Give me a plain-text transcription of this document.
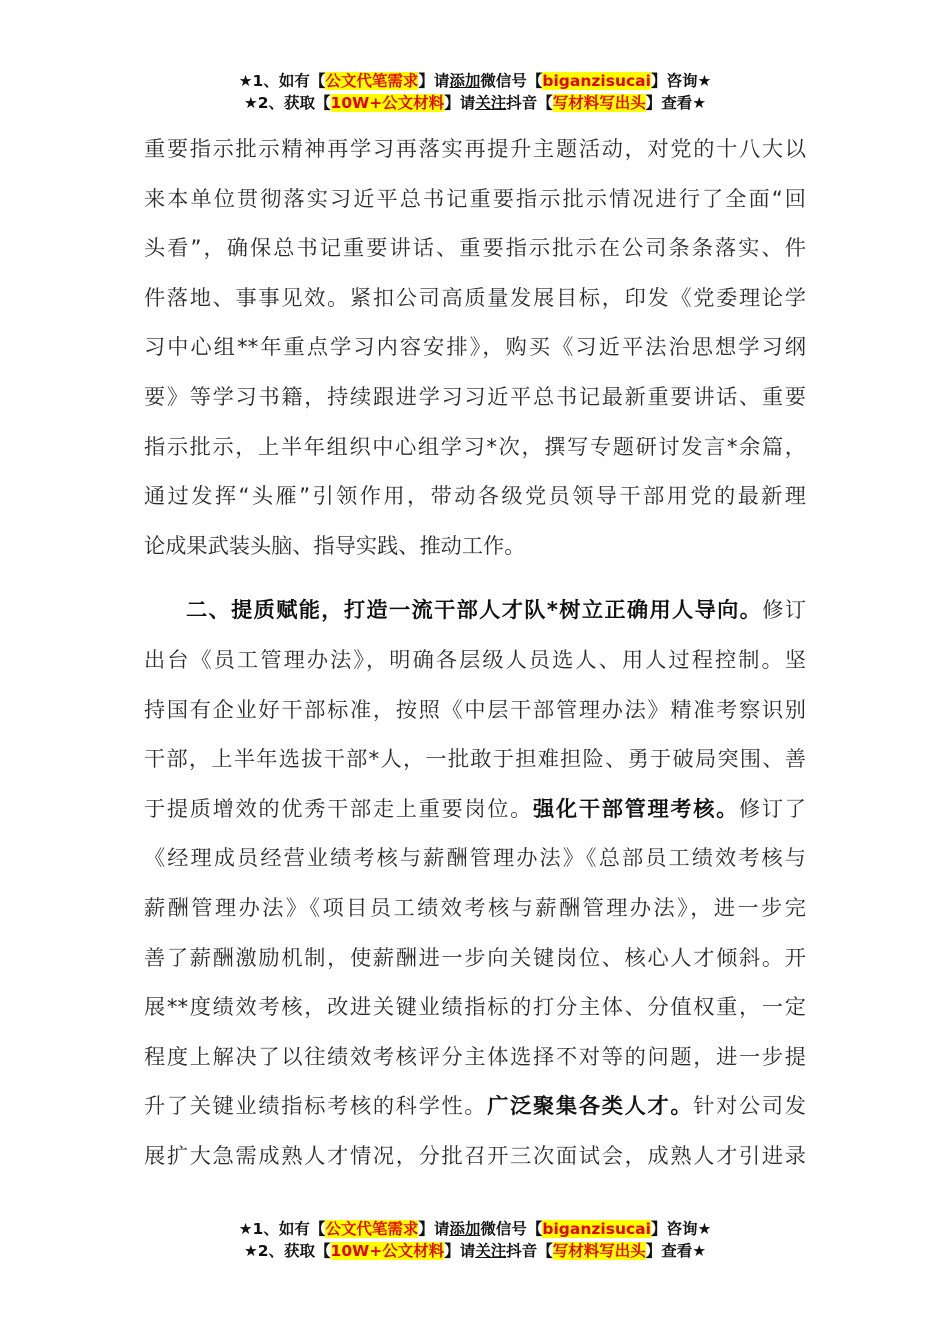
★1、如有【公文代笔需求】请添加微信号【biganzisucai】咨询★
★2、获取【10W+公文材料】请关注抖音【写材料写出头】查看★
重要指示批示精神再学习再落实再提升主题活动，对党的十八大以
来本单位贯彻落实习近平总书记重要指示批示情况进行了全面“回
头看”，确保总书记重要讲话、重要指示批示在公司条条落实、件
件落地、事事见效。紧扣公司高质量发展目标，印发《党委理论学
习中心组**年重点学习内容安排》，购买《习近平法治思想学习纲
要》等学习书籍，持续跟进学习习近平总书记最新重要讲话、重要
指示批示，上半年组织中心组学习*次，撰写专题研讨发言*余篇，
通过发挥“头雁”引领作用，带动各级党员领导干部用党的最新理
论成果武装头脑、指导实践、推动工作。
二、提质赋能，打造一流干部人才队*树立正确用人导向。修订
出台《员工管理办法》，明确各层级人员选人、用人过程控制。坚
持国有企业好干部标准，按照《中层干部管理办法》精准考察识别
干部，上半年选拔干部*人，一批敢于担难担险、勇于破局突围、善
于提质增效的优秀干部走上重要岗位。强化干部管理考核。修订了
《经理成员经营业绩考核与薪酬管理办法》《总部员工绩效考核与
薪酬管理办法》《项目员工绩效考核与薪酬管理办法》，进一步完
善了薪酬激励机制，使薪酬进一步向关键岗位、核心人才倾斜。开
展**度绩效考核，改进关键业绩指标的打分主体、分值权重，一定
程度上解决了以往绩效考核评分主体选择不对等的问题，进一步提
升了关键业绩指标考核的科学性。广泛聚集各类人才。针对公司发
展扩大急需成熟人才情况，分批召开三次面试会，成熟人才引进录
★1、如有【公文代笔需求】请添加微信号【biganzisucai】咨询★
★2、获取【10W+公文材料】请关注抖音【写材料写出头】查看★
